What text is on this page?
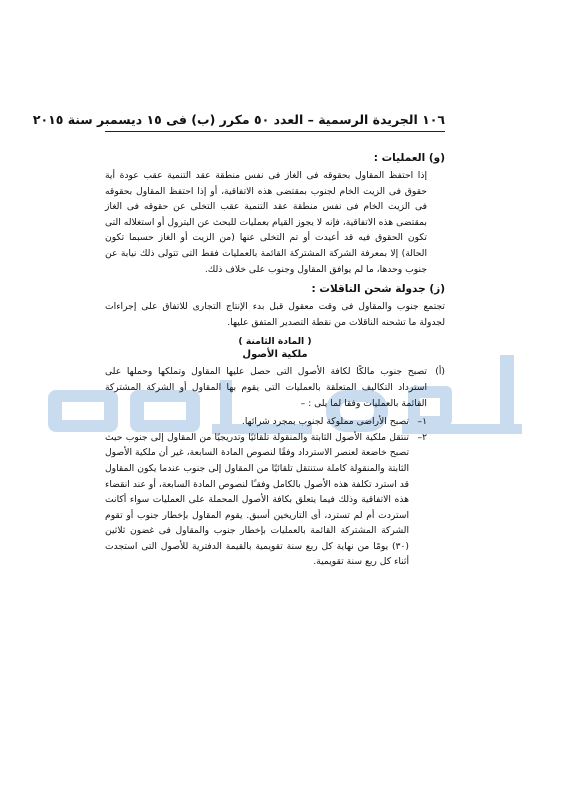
١٠٦ الجريدة الرسمية – العدد ٥٠ مكرر (ب) فى ١٥ ديسمبر سنة ٢٠١٥
(و) العمليات :

إذا احتفظ المقاول بحقوقه فى الغاز فى نفس منطقة عقد التنمية عقب عودة أية حقوق فى الزيت الخام لجنوب بمقتضى هذه الاتفاقية، أو إذا احتفظ المقاول بحقوقه فى الزيت الخام فى نفس منطقة عقد التنمية عقب التخلى عن حقوقه فى الغاز بمقتضى هذه الاتفاقية، فإنه لا يجوز القيام بعمليات للبحث عن البترول أو استغلاله التى تكون الحقوق فيه قد أعيدت أو تم التخلى عنها (من الزيت أو الغاز حسبما تكون الحالة) إلا بمعرفة الشركة المشتركة القائمة بالعمليات فقط التى تتولى ذلك نيابة عن جنوب وحدها، ما لم يوافق المقاول وجنوب على خلاف ذلك.

(ز) جدولة شحن الناقلات :

تجتمع جنوب والمقاول فى وقت معقول قبل بدء الإنتاج التجارى للاتفاق على إجراءات لجدولة ما تشحنه الناقلات من نقطة التصدير المتفق عليها.

( المادة الثامنة )
ملكية الأصول
(أ)
تصبح جنوب مالكًا لكافة الأصول التى حصل عليها المقاول وتملكها وحملها على استرداد التكاليف المتعلقة بالعمليات التى يقوم بها المقاول أو الشركة المشتركة القائمة بالعمليات وفقا لما يلى : –
١–
تصبح الأراضى مملوكة لجنوب بمجرد شرائها.
٢–
تنتقل ملكية الأصول الثابتة والمنقولة تلقائيًا وتدريجيًا من المقاول إلى جنوب حيث تصبح خاضعة لعنصر الاسترداد وفقًا لنصوص المادة السابعة، غير أن ملكية الأصول الثابتة والمنقولة كاملة ستنتقل تلقائيًا من المقاول إلى جنوب عندما يكون المقاول قد استرد تكلفة هذه الأصول بالكامل وفقـًا لنصوص المادة السابعة، أو عند انقضاء هذه الاتفاقية وذلك فيما يتعلق بكافة الأصول المحملة على العمليات سواء أكانت استردت أم لم تسترد، أى التاريخين أسبق. يقوم المقاول بإخطار جنوب أو تقوم الشركة المشتركة القائمة بالعمليات بإخطار جنوب والمقاول فى غضون ثلاثين (٣٠) يومًا من نهاية كل ربع سنة تقويمية بالقيمة الدفترية للأصول التى استجدت أثناء كل ربع سنة تقويمية.
